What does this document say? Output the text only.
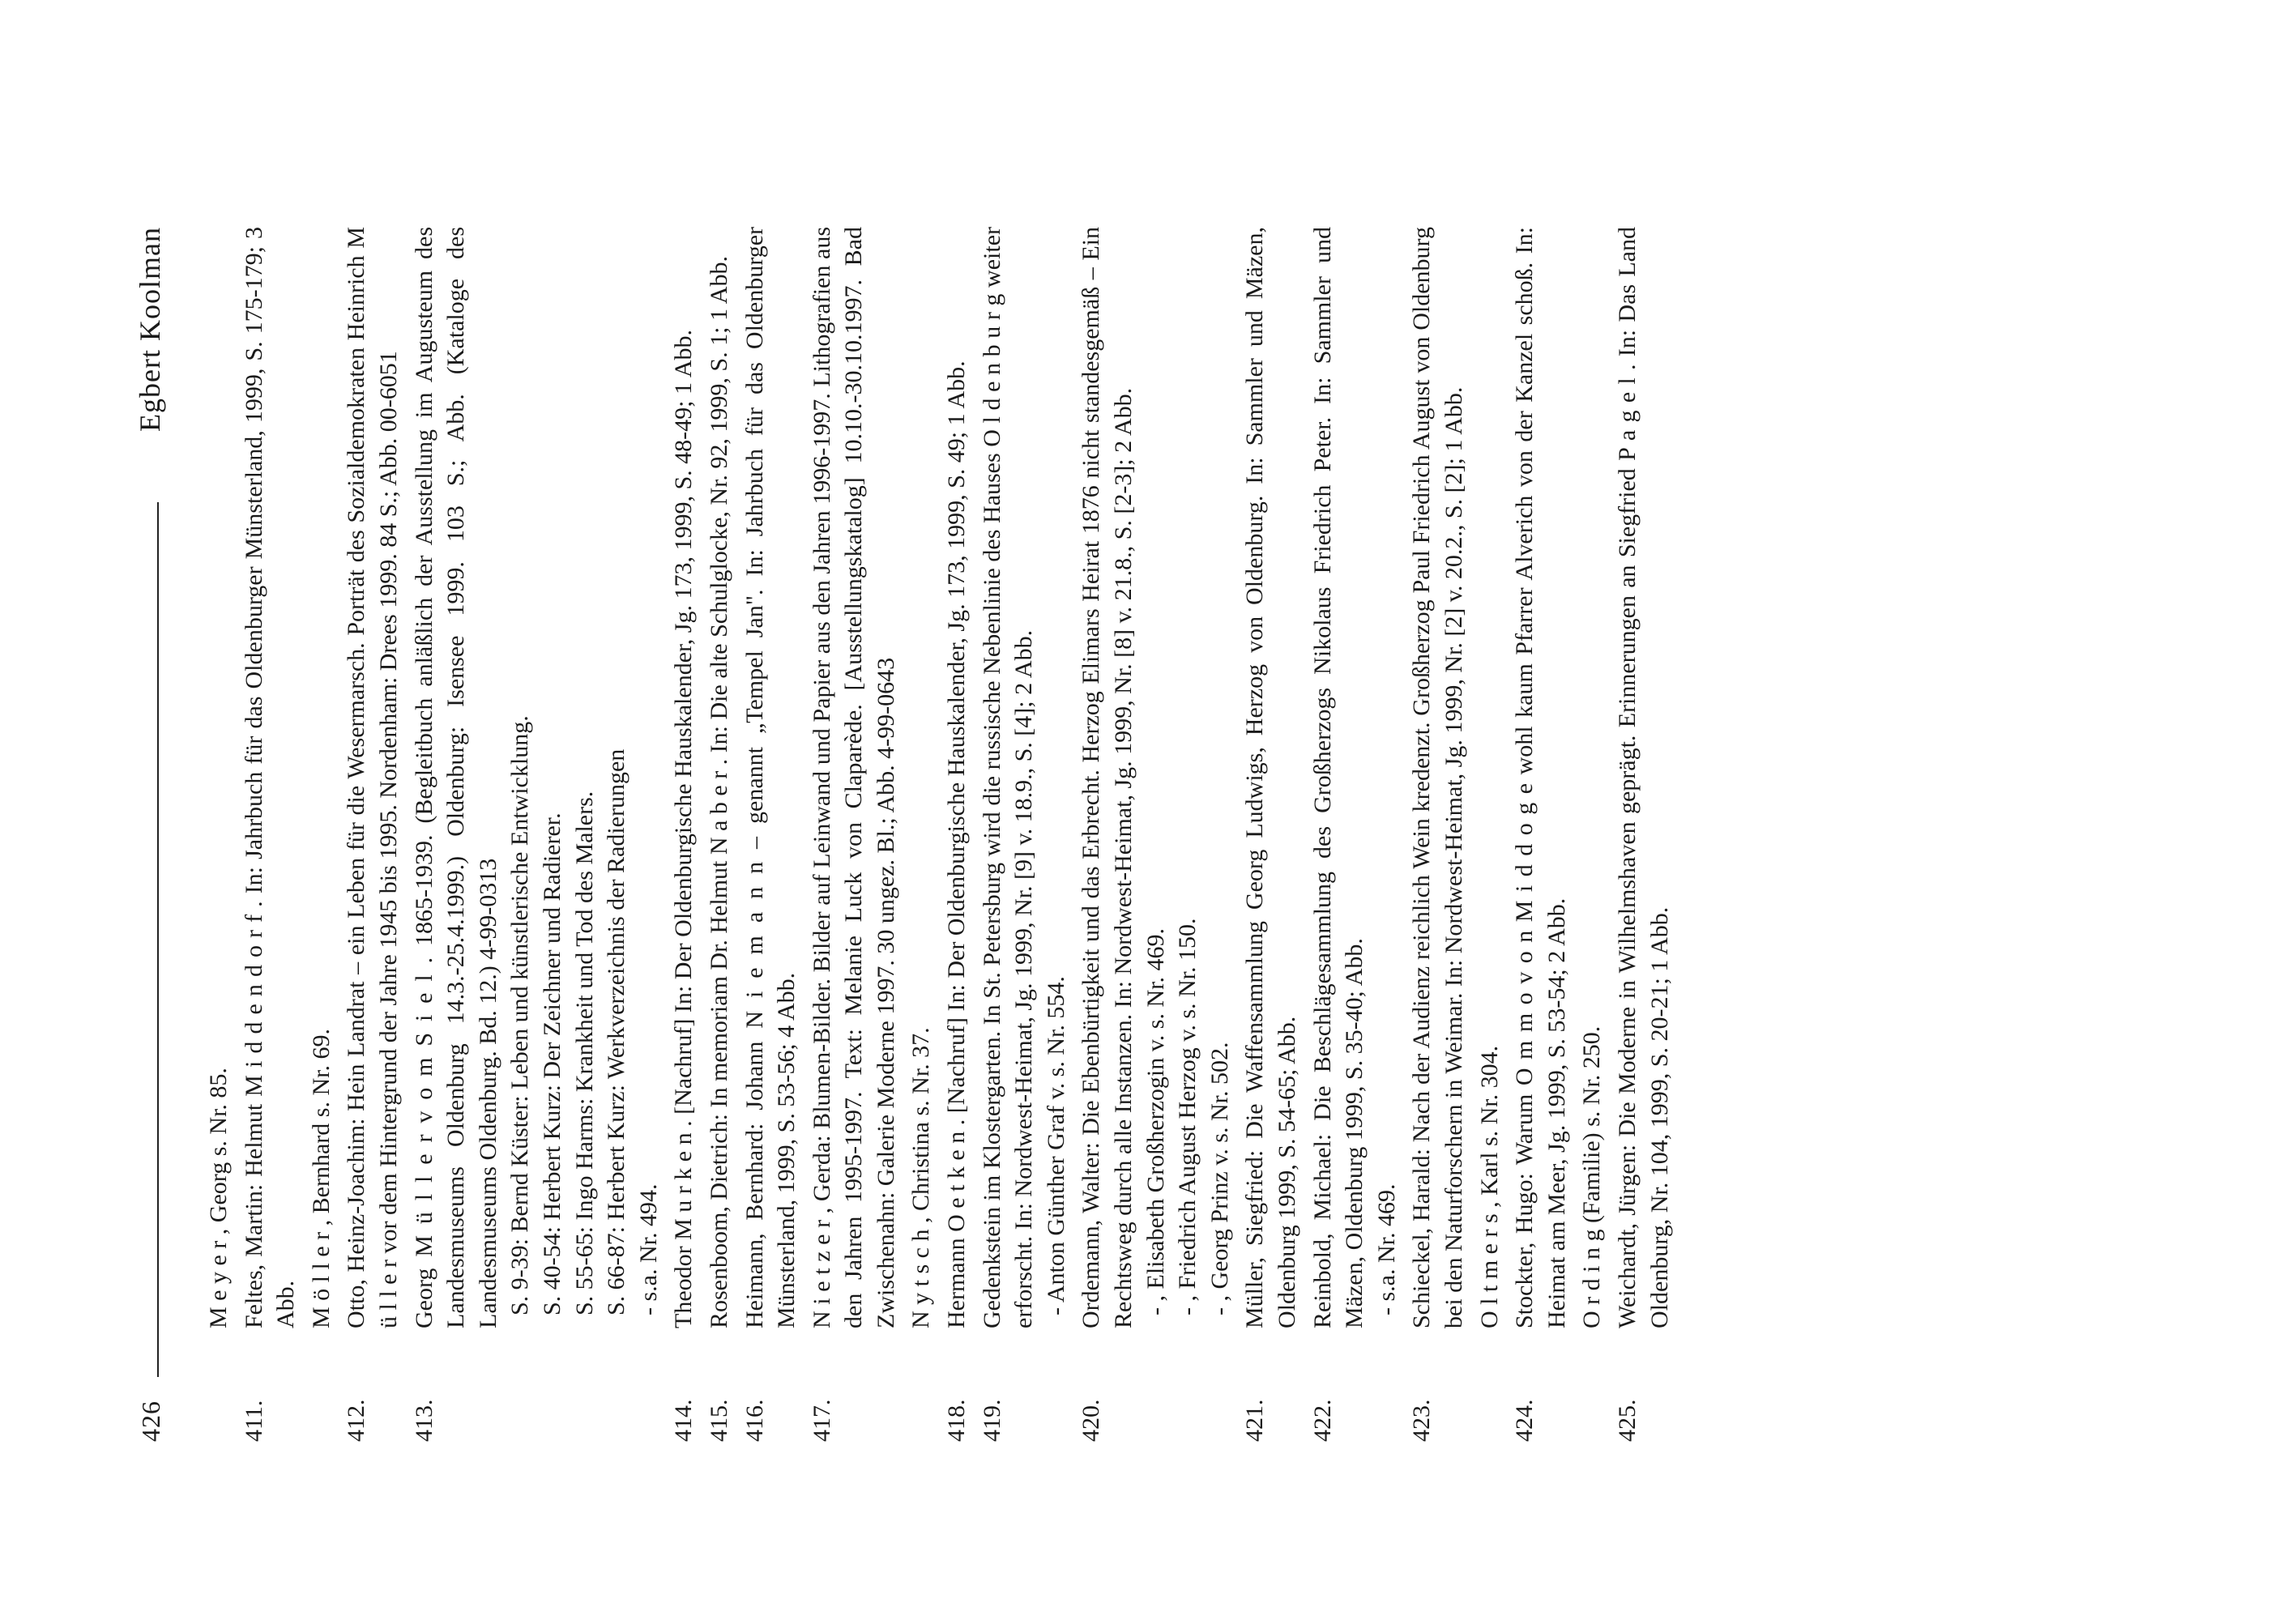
426
Egbert Koolman
M e y e r , Georg s. Nr. 85.
411.
Feltes, Martin: Helmut M i d d e n d o r f . In: Jahrbuch für das Oldenburger Münsterland, 1999, S. 175-179; 3 Abb. M ö l l e r , Bernhard s. Nr. 69.
412.
Otto, Heinz-Joachim: Hein Landrat – ein Leben für die Wesermarsch. Porträt des Sozialdemokraten Heinrich M ü l l e r vor dem Hintergrund der Jahre 1945 bis 1995. Nordenham: Drees 1999. 84 S.; Abb. 00-6051
413.
Georg M ü l l e r v o m S i e l . 1865-1939. (Begleitbuch anläßlich der Ausstellung im Augusteum des Landesmuseums Oldenburg 14.3.-25.4.1999.) Oldenburg: Isensee 1999. 103 S.; Abb. (Kataloge des Landesmuseums Oldenburg. Bd. 12.) 4-99-0313 S. 9-39: Bernd Küster: Leben und künstlerische Entwicklung. S. 40-54: Herbert Kurz: Der Zeichner und Radierer. S. 55-65: Ingo Harms: Krankheit und Tod des Malers. S. 66-87: Herbert Kurz: Werkverzeichnis der Radierungen - s.a. Nr. 494.
414.
Theodor M u r k e n . [Nachruf] In: Der Oldenburgische Hauskalender, Jg. 173, 1999, S. 48-49; 1 Abb.
415.
Rosenboom, Dietrich: In memoriam Dr. Helmut N a b e r . In: Die alte Schulglocke, Nr. 92, 1999, S. 1; 1 Abb.
416.
Heimann, Bernhard: Johann N i e m a n n – genannt „Tempel Jan". In: Jahrbuch für das Oldenburger Münsterland, 1999, S. 53-56; 4 Abb.
417.
N i e t z e r , Gerda: Blumen-Bilder. Bilder auf Leinwand und Papier aus den Jahren 1996-1997. Lithografien aus den Jahren 1995-1997. Text: Melanie Luck von Claparède. [Ausstellungskatalog] 10.10.-30.10.1997. Bad Zwischenahn: Galerie Moderne 1997. 30 ungez. Bl.; Abb. 4-99-0643 N y t s c h , Christina s. Nr. 37.
418.
Hermann O e t k e n . [Nachruf] In: Der Oldenburgische Hauskalender, Jg. 173, 1999, S. 49; 1 Abb.
419.
Gedenkstein im Klostergarten. In St. Petersburg wird die russische Nebenlinie des Hauses O l d e n b u r g weiter erforscht. In: Nordwest-Heimat, Jg. 1999, Nr. [9] v. 18.9., S. [4]; 2 Abb. - Anton Günther Graf v. s. Nr. 554.
420.
Ordemann, Walter: Die Ebenbürtigkeit und das Erbrecht. Herzog Elimars Heirat 1876 nicht standesgemäß – Ein Rechtsweg durch alle Instanzen. In: Nordwest-Heimat, Jg. 1999, Nr. [8] v. 21.8., S. [2-3]; 2 Abb. - , Elisabeth Großherzogin v. s. Nr. 469. - , Friedrich August Herzog v. s. Nr. 150. - , Georg Prinz v. s. Nr. 502.
421.
Müller, Siegfried: Die Waffensammlung Georg Ludwigs, Herzog von Oldenburg. In: Sammler und Mäzen, Oldenburg 1999, S. 54-65; Abb.
422.
Reinbold, Michael: Die Beschlägesammlung des Großherzogs Nikolaus Friedrich Peter. In: Sammler und Mäzen, Oldenburg 1999, S. 35-40; Abb. - s.a. Nr. 469.
423.
Schieckel, Harald: Nach der Audienz reichlich Wein kredenzt. Großherzog Paul Friedrich August von Oldenburg bei den Naturforschern in Weimar. In: Nordwest-Heimat, Jg. 1999, Nr. [2] v. 20.2., S. [2]; 1 Abb. O l t m e r s , Karl s. Nr. 304.
424.
Stockter, Hugo: Warum O m m o v o n M i d d o g e wohl kaum Pfarrer Alverich von der Kanzel schoß. In: Heimat am Meer, Jg. 1999, S. 53-54; 2 Abb. O r d i n g (Familie) s. Nr. 250.
425.
Weichardt, Jürgen: Die Moderne in Wilhelmshaven geprägt. Erinnerungen an Siegfried P a g e l . In: Das Land Oldenburg, Nr. 104, 1999, S. 20-21; 1 Abb.
